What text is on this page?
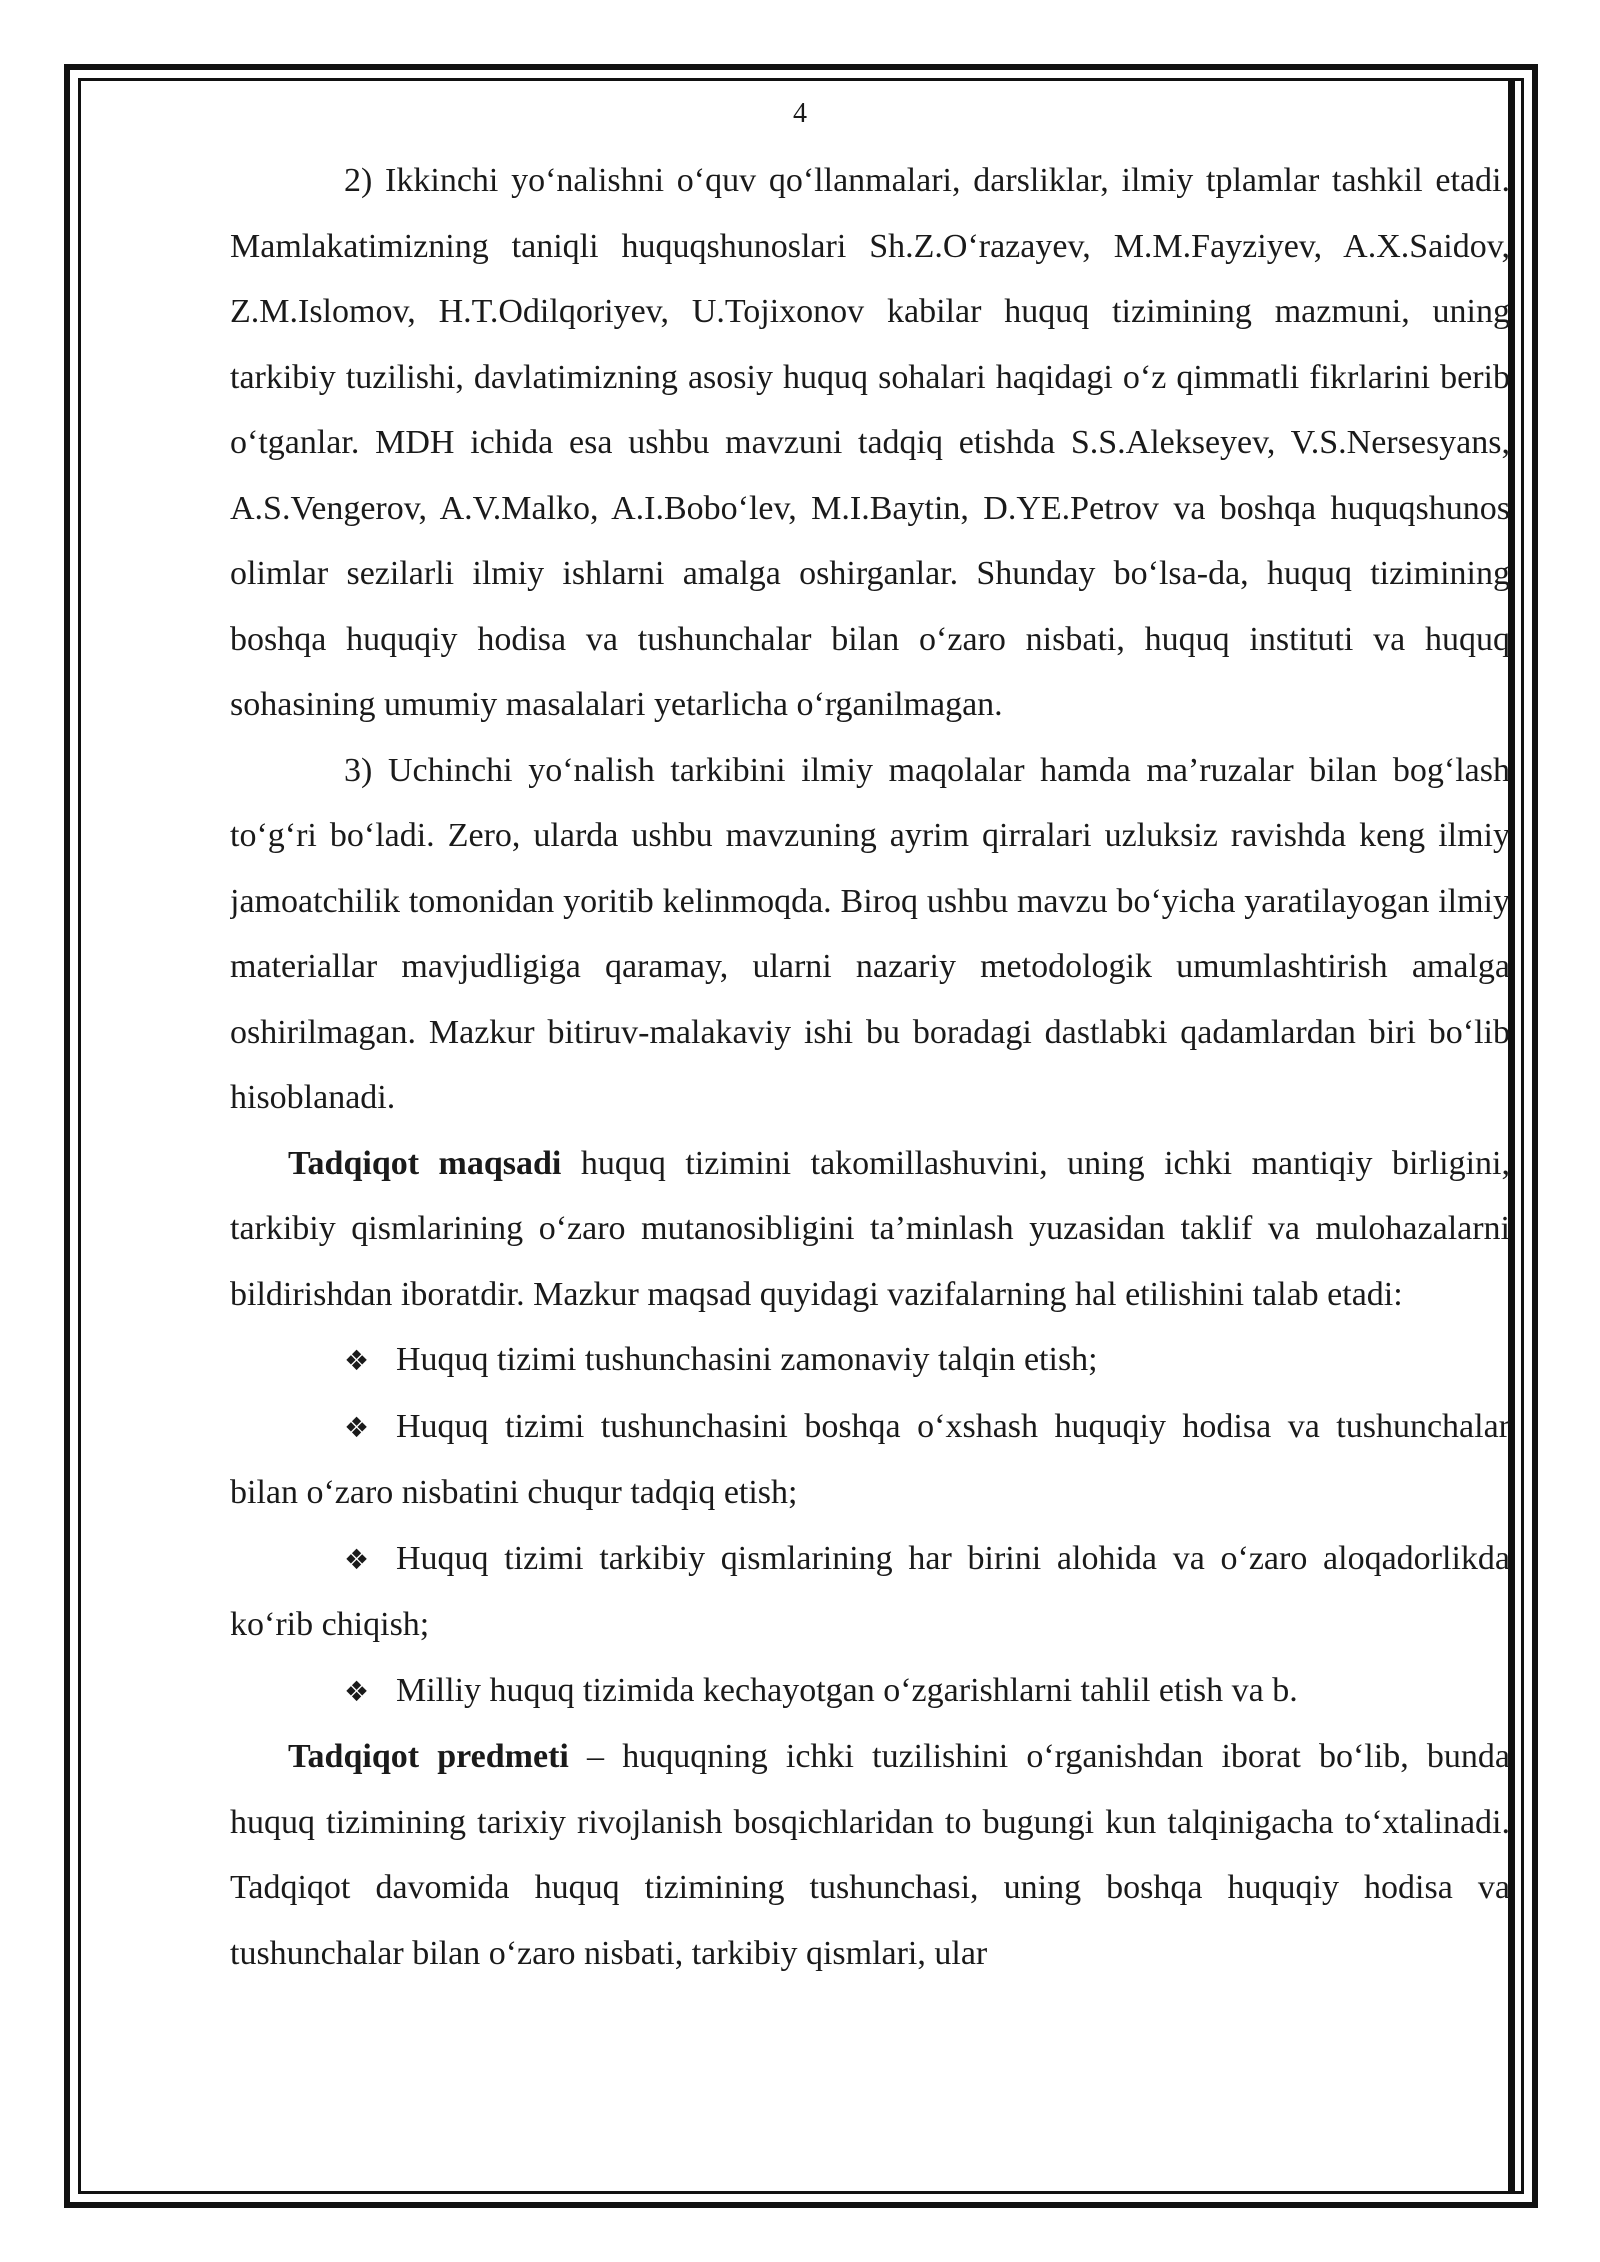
4

2) Ikkinchi yo‘nalishni o‘quv qo‘llanmalari, darsliklar, ilmiy tplamlar tashkil etadi. Mamlakatimizning taniqli huquqshunoslari Sh.Z.O‘razayev, M.M.Fayziyev, A.X.Saidov, Z.M.Islomov, H.T.Odilqoriyev, U.Tojixonov kabilar huquq tizimining mazmuni, uning tarkibiy tuzilishi, davlatimizning asosiy huquq sohalari haqidagi o‘z qimmatli fikrlarini berib o‘tganlar. MDH ichida esa ushbu mavzuni tadqiq etishda S.S.Alekseyev, V.S.Nersesyans, A.S.Vengerov, A.V.Malko, A.I.Bobo‘lev, M.I.Baytin, D.YE.Petrov va boshqa huquqshunos olimlar sezilarli ilmiy ishlarni amalga oshirganlar. Shunday bo‘lsa-da, huquq tizimining boshqa huquqiy hodisa va tushunchalar bilan o‘zaro nisbati, huquq instituti va huquq sohasining umumiy masalalari yetarlicha o‘rganilmagan.

3) Uchinchi yo‘nalish tarkibini ilmiy maqolalar hamda ma’ruzalar bilan bog‘lash to‘g‘ri bo‘ladi. Zero, ularda ushbu mavzuning ayrim qirralari uzluksiz ravishda keng ilmiy jamoatchilik tomonidan yoritib kelinmoqda. Biroq ushbu mavzu bo‘yicha yaratilayogan ilmiy materiallar mavjudligiga qaramay, ularni nazariy metodologik umumlashtirish amalga oshirilmagan. Mazkur bitiruv-malakaviy ishi bu boradagi dastlabki qadamlardan biri bo‘lib hisoblanadi.

Tadqiqot maqsadi huquq tizimini takomillashuvini, uning ichki mantiqiy birligini, tarkibiy qismlarining o‘zaro mutanosibligini ta’minlash yuzasidan taklif va mulohazalarni bildirishdan iboratdir. Mazkur maqsad quyidagi vazifalarning hal etilishini talab etadi:

❖ Huquq tizimi tushunchasini zamonaviy talqin etish;

❖ Huquq tizimi tushunchasini boshqa o‘xshash huquqiy hodisa va tushunchalar bilan o‘zaro nisbatini chuqur tadqiq etish;

❖ Huquq tizimi tarkibiy qismlarining har birini alohida va o‘zaro aloqadorlikda ko‘rib chiqish;

❖ Milliy huquq tizimida kechayotgan o‘zgarishlarni tahlil etish va b.

Tadqiqot predmeti – huquqning ichki tuzilishini o‘rganishdan iborat bo‘lib, bunda huquq tizimining tarixiy rivojlanish bosqichlaridan to bugungi kun talqinigacha to‘xtalinadi. Tadqiqot davomida huquq tizimining tushunchasi, uning boshqa huquqiy hodisa va tushunchalar bilan o‘zaro nisbati, tarkibiy qismlari, ular
